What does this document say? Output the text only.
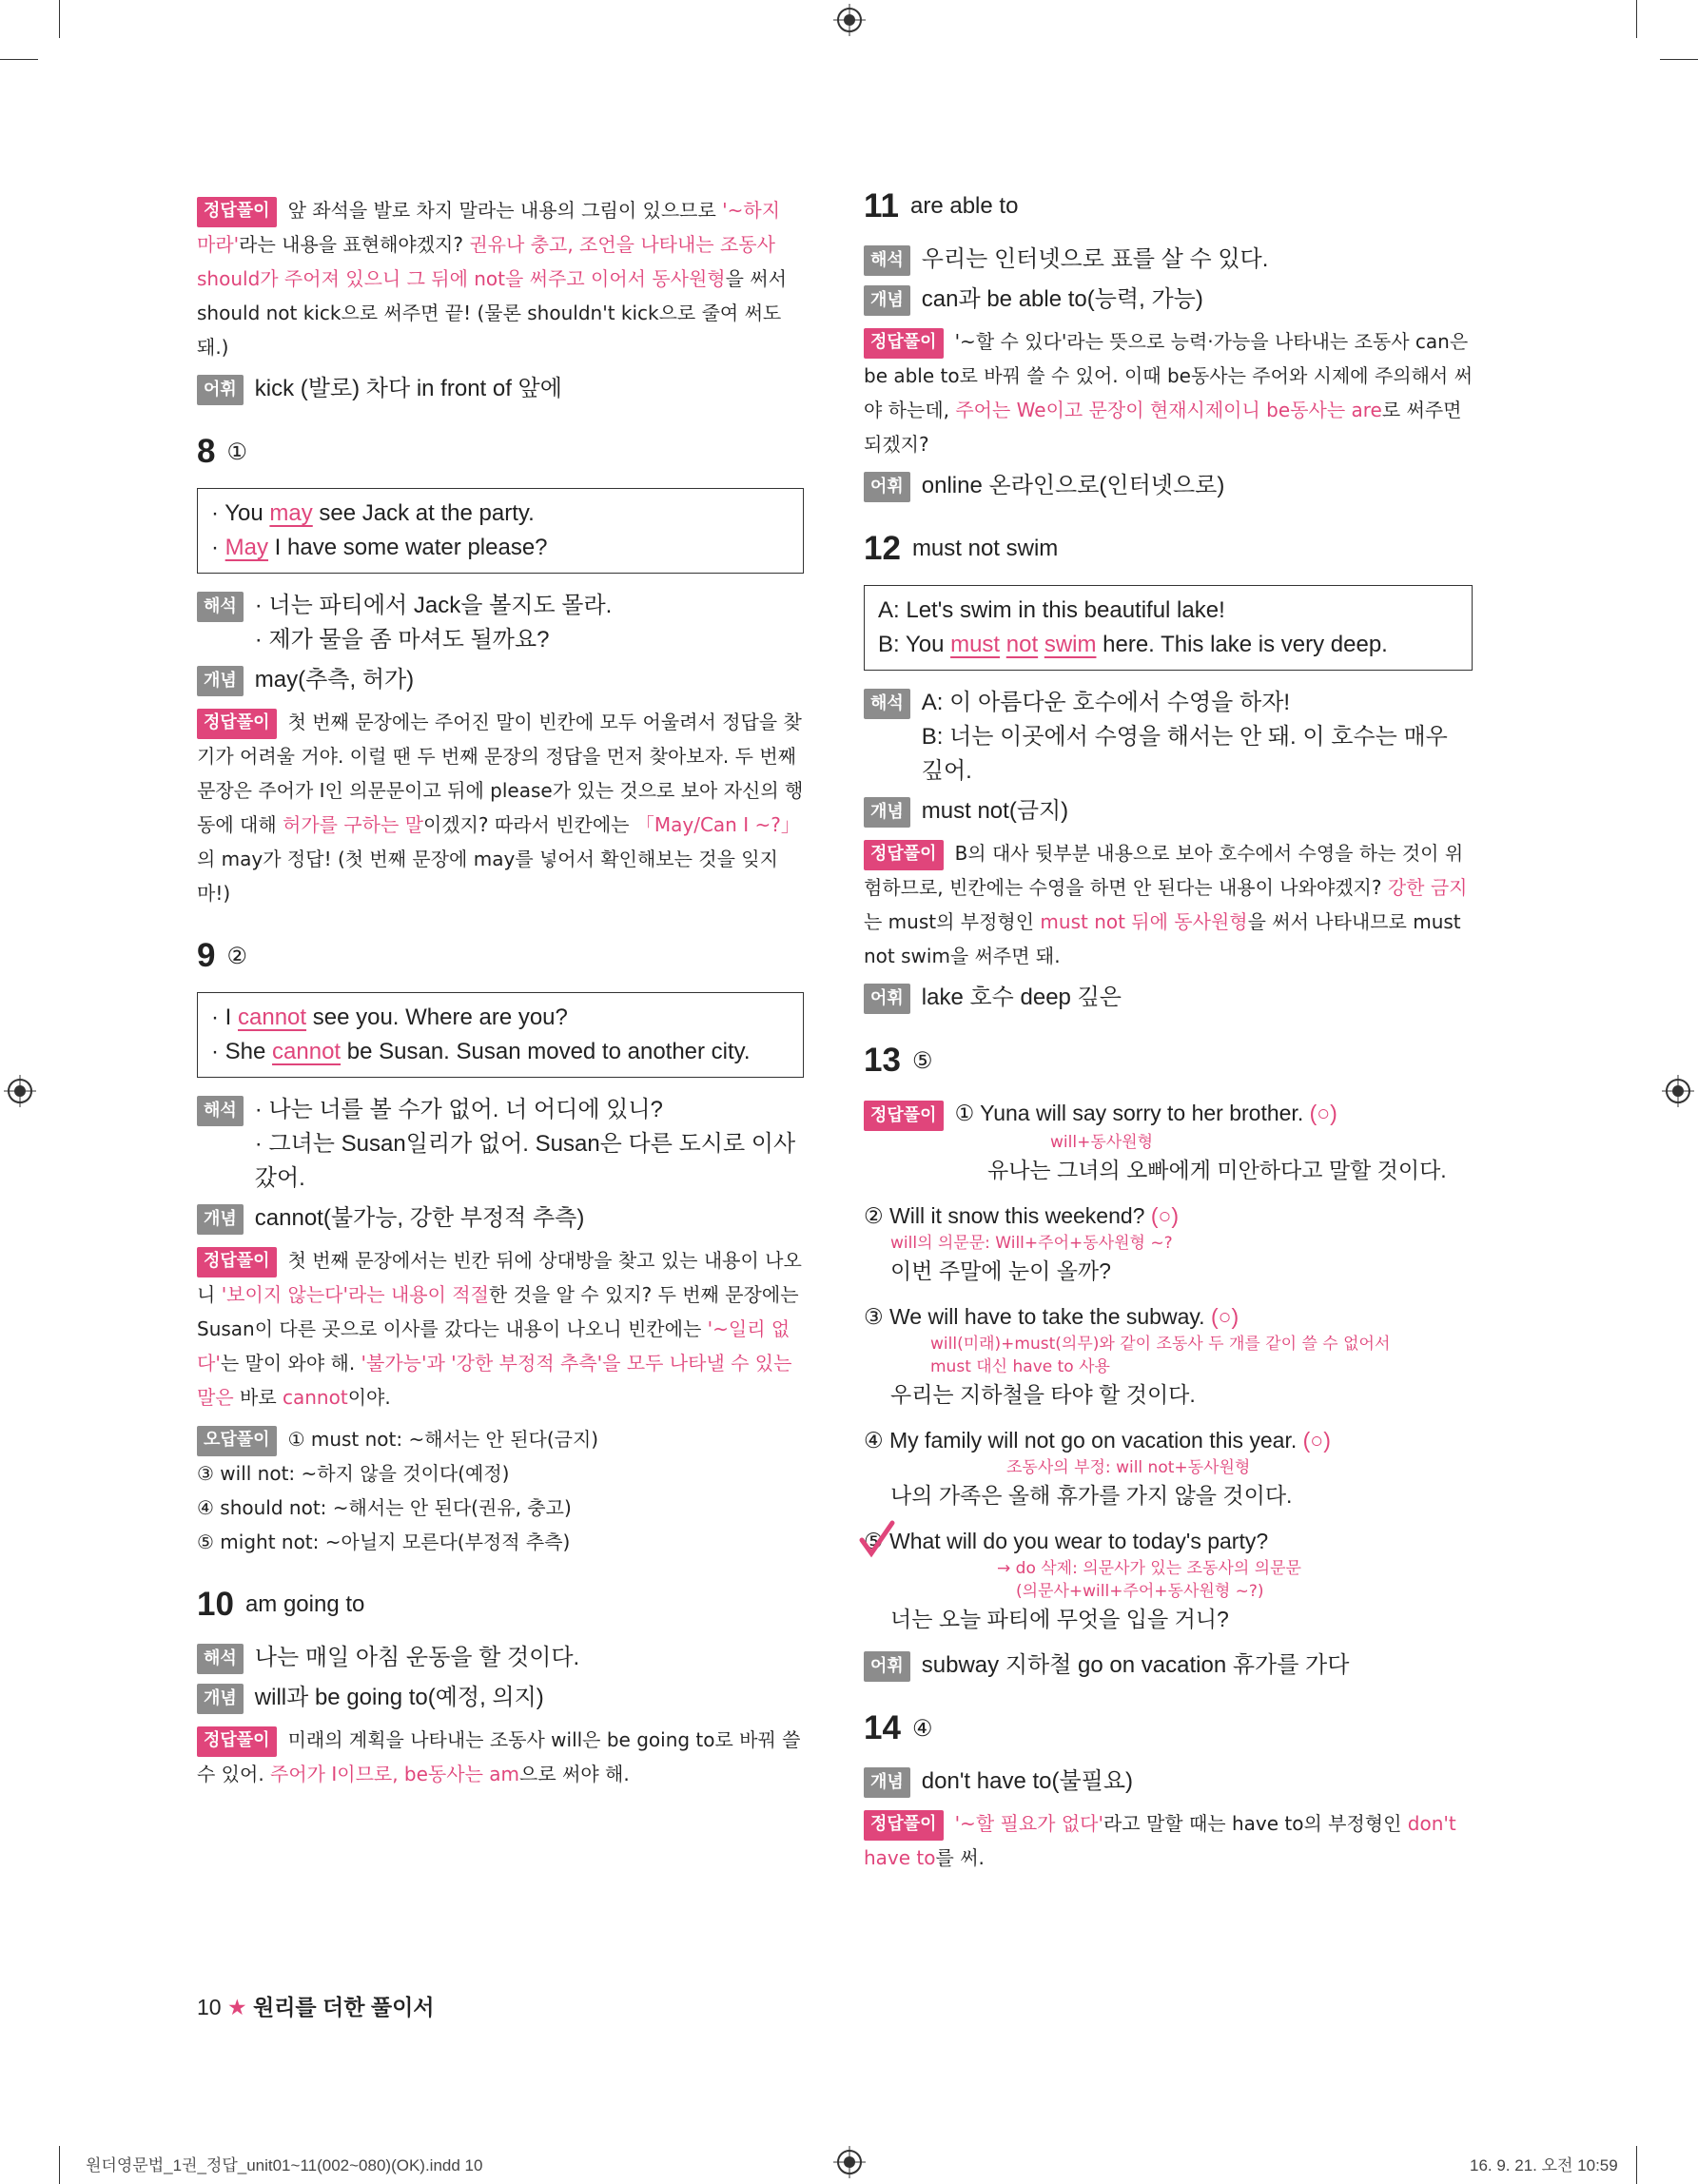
정답풀이 앞 좌석을 발로 차지 말라는 내용의 그림이 있으므로 '~하지 마라'라는 내용을 표현해야겠지? 권유나 충고, 조언을 나타내는 조동사 should가 주어져 있으니 그 뒤에 not을 써주고 이어서 동사원형을 써서 should not kick으로 써주면 끝! (물론 shouldn't kick으로 줄여 써도 돼.)
어휘 kick (발로) 차다 in front of 앞에
8 ①
· You may see Jack at the party.
· May I have some water please?
해석 · 너는 파티에서 Jack을 볼지도 몰라.
· 제가 물을 좀 마셔도 될까요?
개념 may(추측, 허가)
정답풀이 첫 번째 문장에는 주어진 말이 빈칸에 모두 어울려서 정답을 찾기가 어려울 거야. 이럴 땐 두 번째 문장의 정답을 먼저 찾아보자. 두 번째 문장은 주어가 I인 의문문이고 뒤에 please가 있는 것으로 보아 자신의 행동에 대해 허가를 구하는 말이겠지? 따라서 빈칸에는 「May/Can I ~?」의 may가 정답! (첫 번째 문장에 may를 넣어서 확인해보는 것을 잊지 마!)
9 ②
· I cannot see you. Where are you?
· She cannot be Susan. Susan moved to another city.
해석 · 나는 너를 볼 수가 없어. 너 어디에 있니?
· 그녀는 Susan일리가 없어. Susan은 다른 도시로 이사 갔어.
개념 cannot(불가능, 강한 부정적 추측)
정답풀이 첫 번째 문장에서는 빈칸 뒤에 상대방을 찾고 있는 내용이 나오니 '보이지 않는다'라는 내용이 적절한 것을 알 수 있지? 두 번째 문장에는 Susan이 다른 곳으로 이사를 갔다는 내용이 나오니 빈칸에는 '~일리 없다'는 말이 와야 해. '불가능'과 '강한 부정적 추측'을 모두 나타낼 수 있는 말은 바로 cannot이야.
오답풀이 ① must not: ~해서는 안 된다(금지)
③ will not: ~하지 않을 것이다(예정)
④ should not: ~해서는 안 된다(권유, 충고)
⑤ might not: ~아닐지 모른다(부정적 추측)
10 am going to
해석 나는 매일 아침 운동을 할 것이다.
개념 will과 be going to(예정, 의지)
정답풀이 미래의 계획을 나타내는 조동사 will은 be going to로 바꿔 쓸 수 있어. 주어가 I이므로, be동사는 am으로 써야 해.
11 are able to
해석 우리는 인터넷으로 표를 살 수 있다.
개념 can과 be able to(능력, 가능)
정답풀이 '~할 수 있다'라는 뜻으로 능력·가능을 나타내는 조동사 can은 be able to로 바꿔 쓸 수 있어. 이때 be동사는 주어와 시제에 주의해서 써야 하는데, 주어는 We이고 문장이 현재시제이니 be동사는 are로 써주면 되겠지?
어휘 online 온라인으로(인터넷으로)
12 must not swim
A: Let's swim in this beautiful lake!
B: You must not swim here. This lake is very deep.
해석 A: 이 아름다운 호수에서 수영을 하자!
B: 너는 이곳에서 수영을 해서는 안 돼. 이 호수는 매우 깊어.
개념 must not(금지)
정답풀이 B의 대사 뒷부분 내용으로 보아 호수에서 수영을 하는 것이 위험하므로, 빈칸에는 수영을 하면 안 된다는 내용이 나와야겠지? 강한 금지는 must의 부정형인 must not 뒤에 동사원형을 써서 나타내므로 must not swim을 써주면 돼.
어휘 lake 호수 deep 깊은
13 ⑤
정답풀이 ① Yuna will say sorry to her brother. (○)
will+동사원형
유나는 그녀의 오빠에게 미안하다고 말할 것이다.
② Will it snow this weekend? (○)
will의 의문문: Will+주어+동사원형 ~?
이번 주말에 눈이 올까?
③ We will have to take the subway. (○)
will(미래)+must(의무)와 같이 조동사 두 개를 같이 쓸 수 없어서
must 대신 have to 사용
우리는 지하철을 타야 할 것이다.
④ My family will not go on vacation this year. (○)
조동사의 부정: will not+동사원형
나의 가족은 올해 휴가를 가지 않을 것이다.
⑤ What will do you wear to today's party?
→ do 삭제: 의문사가 있는 조동사의 의문문
(의문사+will+주어+동사원형 ~?)
너는 오늘 파티에 무엇을 입을 거니?
어휘 subway 지하철 go on vacation 휴가를 가다
14 ④
개념 don't have to(불필요)
정답풀이 '~할 필요가 없다'라고 말할 때는 have to의 부정형인 don't have to를 써.
10 ★ 원리를 더한 풀이서
원더영문법_1권_정답_unit01~11(002~080)(OK).indd 10	16. 9. 21. 오전 10:59
